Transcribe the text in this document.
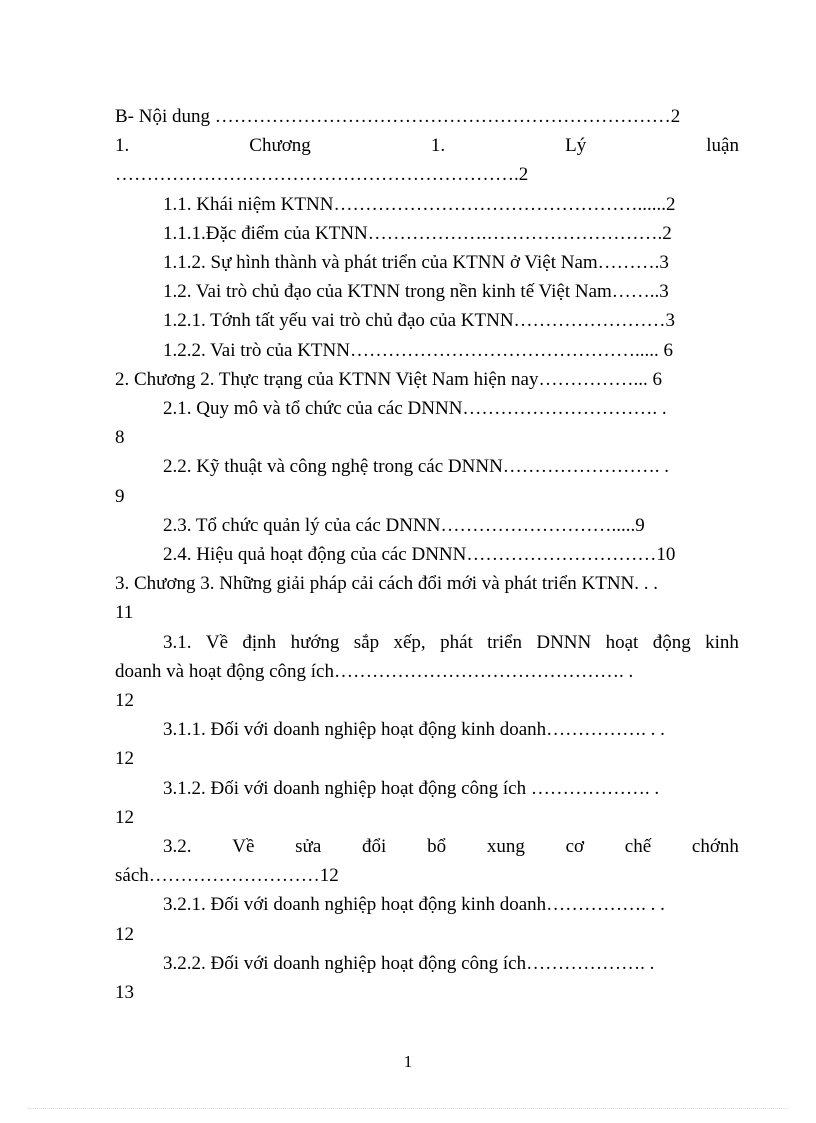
B- Nội dung ………………………………………………………………2
1.	Chương	1.	Lý	luận
……………………………………………………….2
1.1. Khái niệm KTNN…………………………………………......2
1.1.1.Đặc điểm của KTNN……………….……………………….2
1.1.2. Sự hình thành và phát triển của KTNN ở Việt Nam……….3
1.2. Vai trò chủ đạo của KTNN trong nền kinh tế Việt Nam……..3
1.2.1. Tớnh tất yếu vai trò chủ đạo của KTNN……………………3
1.2.2. Vai trò của KTNN………………………………………..... 6
2. Chương 2. Thực trạng của KTNN Việt Nam hiện nay……………... 6
2.1. Quy mô và tổ chức của các DNNN…………………………. .
8
2.2. Kỹ thuật và công nghệ trong các DNNN……………………. .
9
2.3. Tổ chức quản lý của các DNNN……………………….....9
2.4. Hiệu quả hoạt động của các DNNN…………………………10
3. Chương 3. Những giải pháp cải cách đổi mới và phát triển KTNN. . .
11
3.1. Về định hướng sắp xếp, phát triển DNNN hoạt động kinh
doanh và hoạt động công ích………………………………………. .
12
3.1.1. Đối với doanh nghiệp hoạt động kinh doanh……………. . .
12
3.1.2. Đối với doanh nghiệp hoạt động công ích ………………. .
12
3.2. Về sửa đổi bổ xung cơ chế chớnh
sách………………………12
3.2.1. Đối với doanh nghiệp hoạt động kinh doanh……………. . .
12
3.2.2. Đối với doanh nghiệp hoạt động công ích………………. .
13
1
